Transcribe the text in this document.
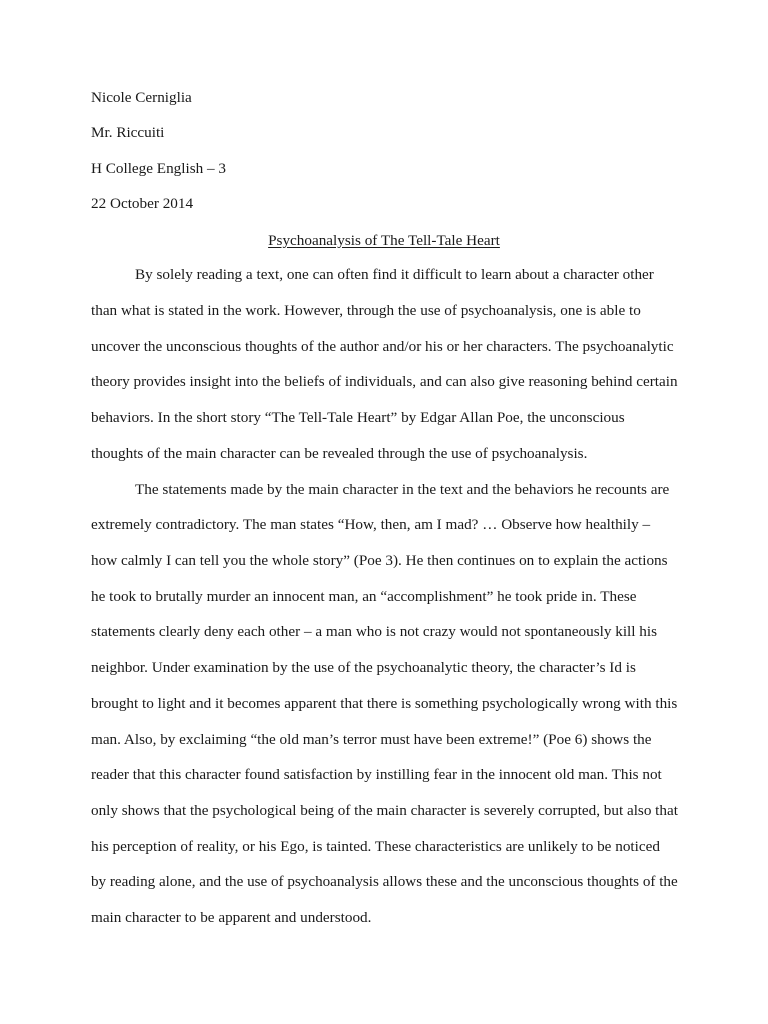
Nicole Cerniglia
Mr. Riccuiti
H College English – 3
22 October 2014
Psychoanalysis of The Tell-Tale Heart
By solely reading a text, one can often find it difficult to learn about a character other
than what is stated in the work. However, through the use of psychoanalysis, one is able to
uncover the unconscious thoughts of the author and/or his or her characters. The psychoanalytic
theory provides insight into the beliefs of individuals, and can also give reasoning behind certain
behaviors. In the short story “The Tell-Tale Heart” by Edgar Allan Poe, the unconscious
thoughts of the main character can be revealed through the use of psychoanalysis.
The statements made by the main character in the text and the behaviors he recounts are
extremely contradictory. The man states “How, then, am I mad? … Observe how healthily –
how calmly I can tell you the whole story” (Poe 3). He then continues on to explain the actions
he took to brutally murder an innocent man, an “accomplishment” he took pride in. These
statements clearly deny each other – a man who is not crazy would not spontaneously kill his
neighbor. Under examination by the use of the psychoanalytic theory, the character’s Id is
brought to light and it becomes apparent that there is something psychologically wrong with this
man. Also, by exclaiming “the old man’s terror must have been extreme!” (Poe 6) shows the
reader that this character found satisfaction by instilling fear in the innocent old man. This not
only shows that the psychological being of the main character is severely corrupted, but also that
his perception of reality, or his Ego, is tainted. These characteristics are unlikely to be noticed
by reading alone, and the use of psychoanalysis allows these and the unconscious thoughts of the
main character to be apparent and understood.
